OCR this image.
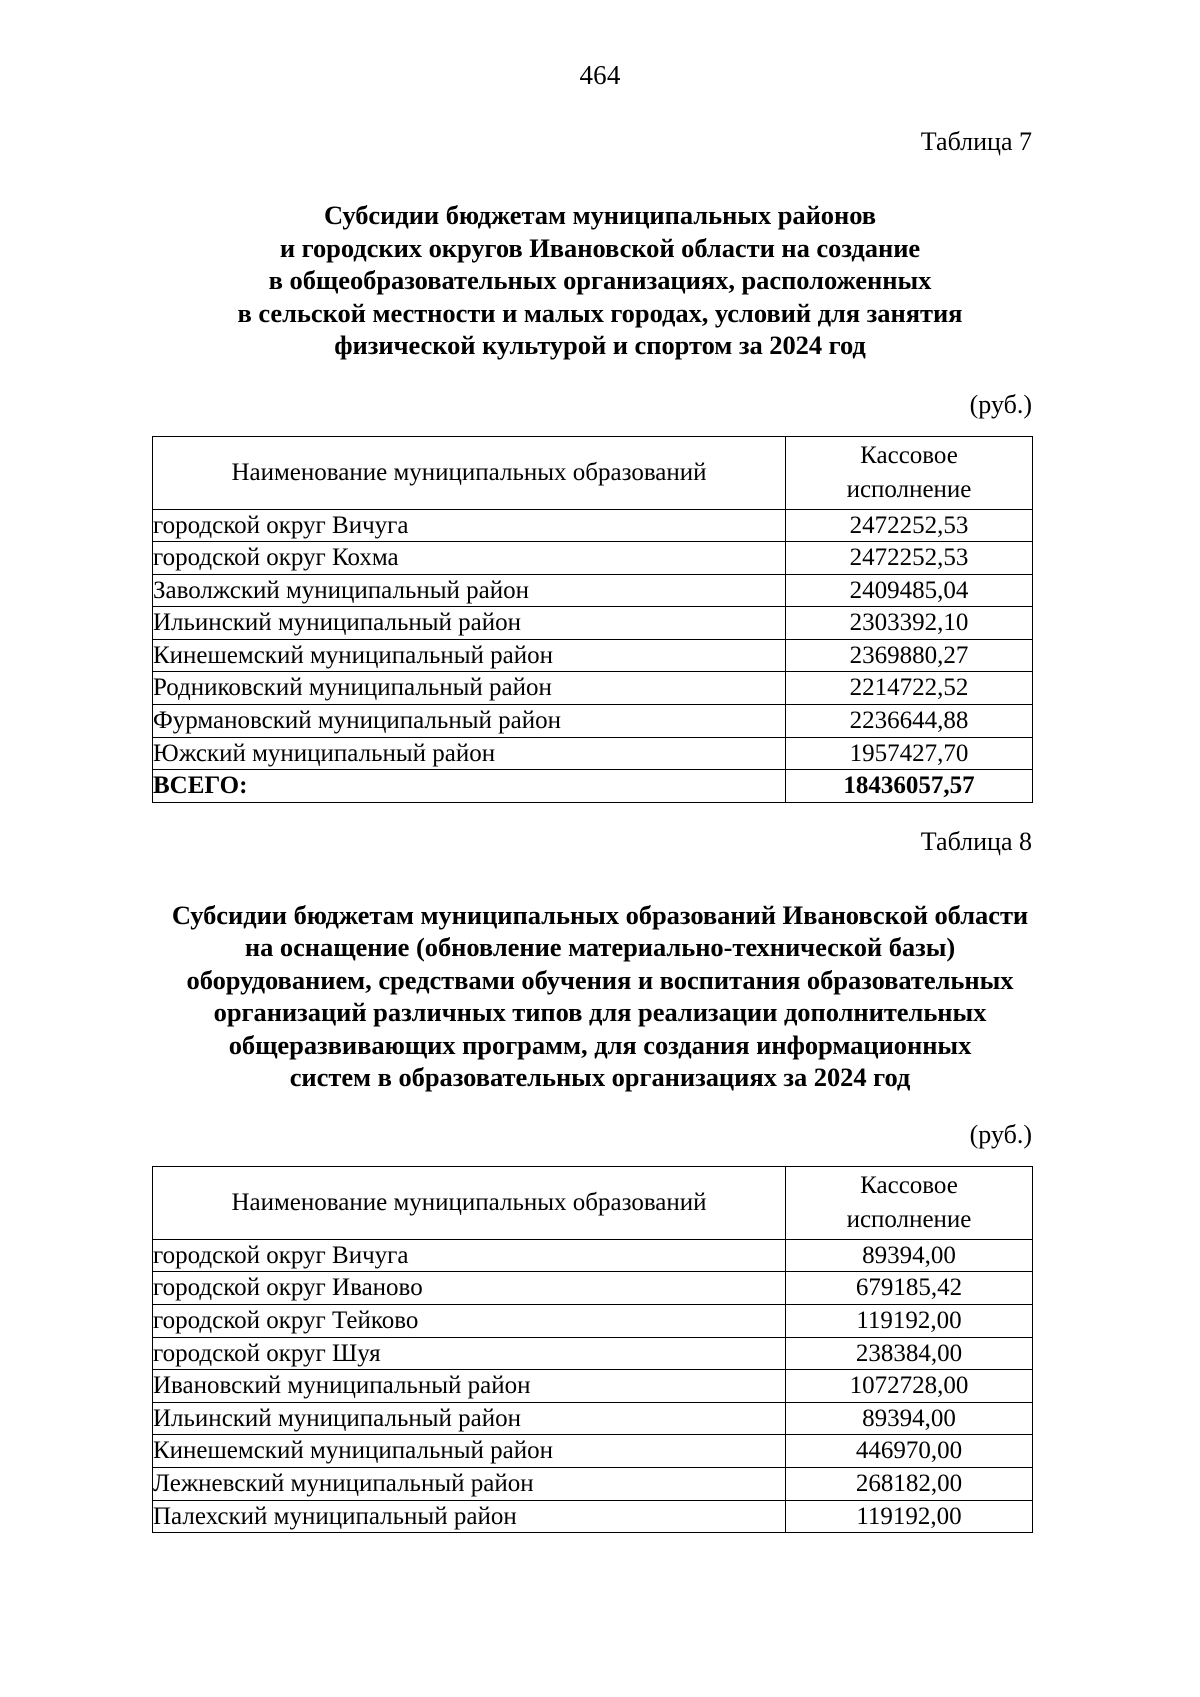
464
Таблица 7
Субсидии бюджетам муниципальных районов
и городских округов Ивановской области на создание
в общеобразовательных организациях, расположенных
в сельской местности и малых городах, условий для занятия
физической культурой и спортом за 2024 год
(руб.)
Наименование муниципальных образований	Кассовое
исполнение

городской округ Вичуга	2472252,53
городской округ Кохма	2472252,53
Заволжский муниципальный район	2409485,04
Ильинский муниципальный район	2303392,10
Кинешемский муниципальный район	2369880,27
Родниковский муниципальный район	2214722,52
Фурмановский муниципальный район	2236644,88
Южский муниципальный район	1957427,70
ВСЕГО:	18436057,57
Таблица 8
Субсидии бюджетам муниципальных образований Ивановской области
на оснащение (обновление материально-технической базы)
оборудованием, средствами обучения и воспитания образовательных
организаций различных типов для реализации дополнительных
общеразвивающих программ, для создания информационных
систем в образовательных организациях за 2024 год
(руб.)
Наименование муниципальных образований	Кассовое
исполнение

городской округ Вичуга	89394,00
городской округ Иваново	679185,42
городской округ Тейково	119192,00
городской округ Шуя	238384,00
Ивановский муниципальный район	1072728,00
Ильинский муниципальный район	89394,00
Кинешемский муниципальный район	446970,00
Лежневский муниципальный район	268182,00
Палехский муниципальный район	119192,00
